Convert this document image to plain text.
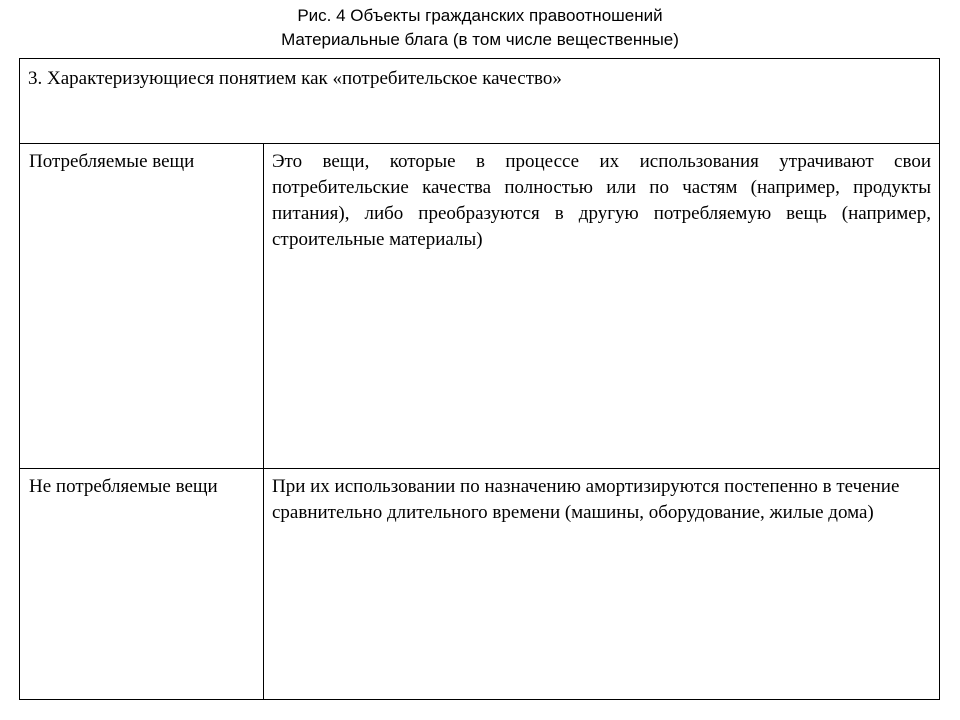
Рис. 4 Объекты гражданских правоотношений
Материальные блага (в том числе вещественные)
3. Характеризующиеся понятием как «потребительское качество»
Потребляемые вещи	Это вещи, которые в процессе их использования утрачивают свои потребительские качества полностью или по частям (например, продукты питания), либо преобразуются в другую потребляемую вещь (например, строительные материалы)
Не потребляемые вещи	При их использовании по назначению амортизируются постепенно в течение сравнительно длительного времени (машины, оборудование, жилые дома)
